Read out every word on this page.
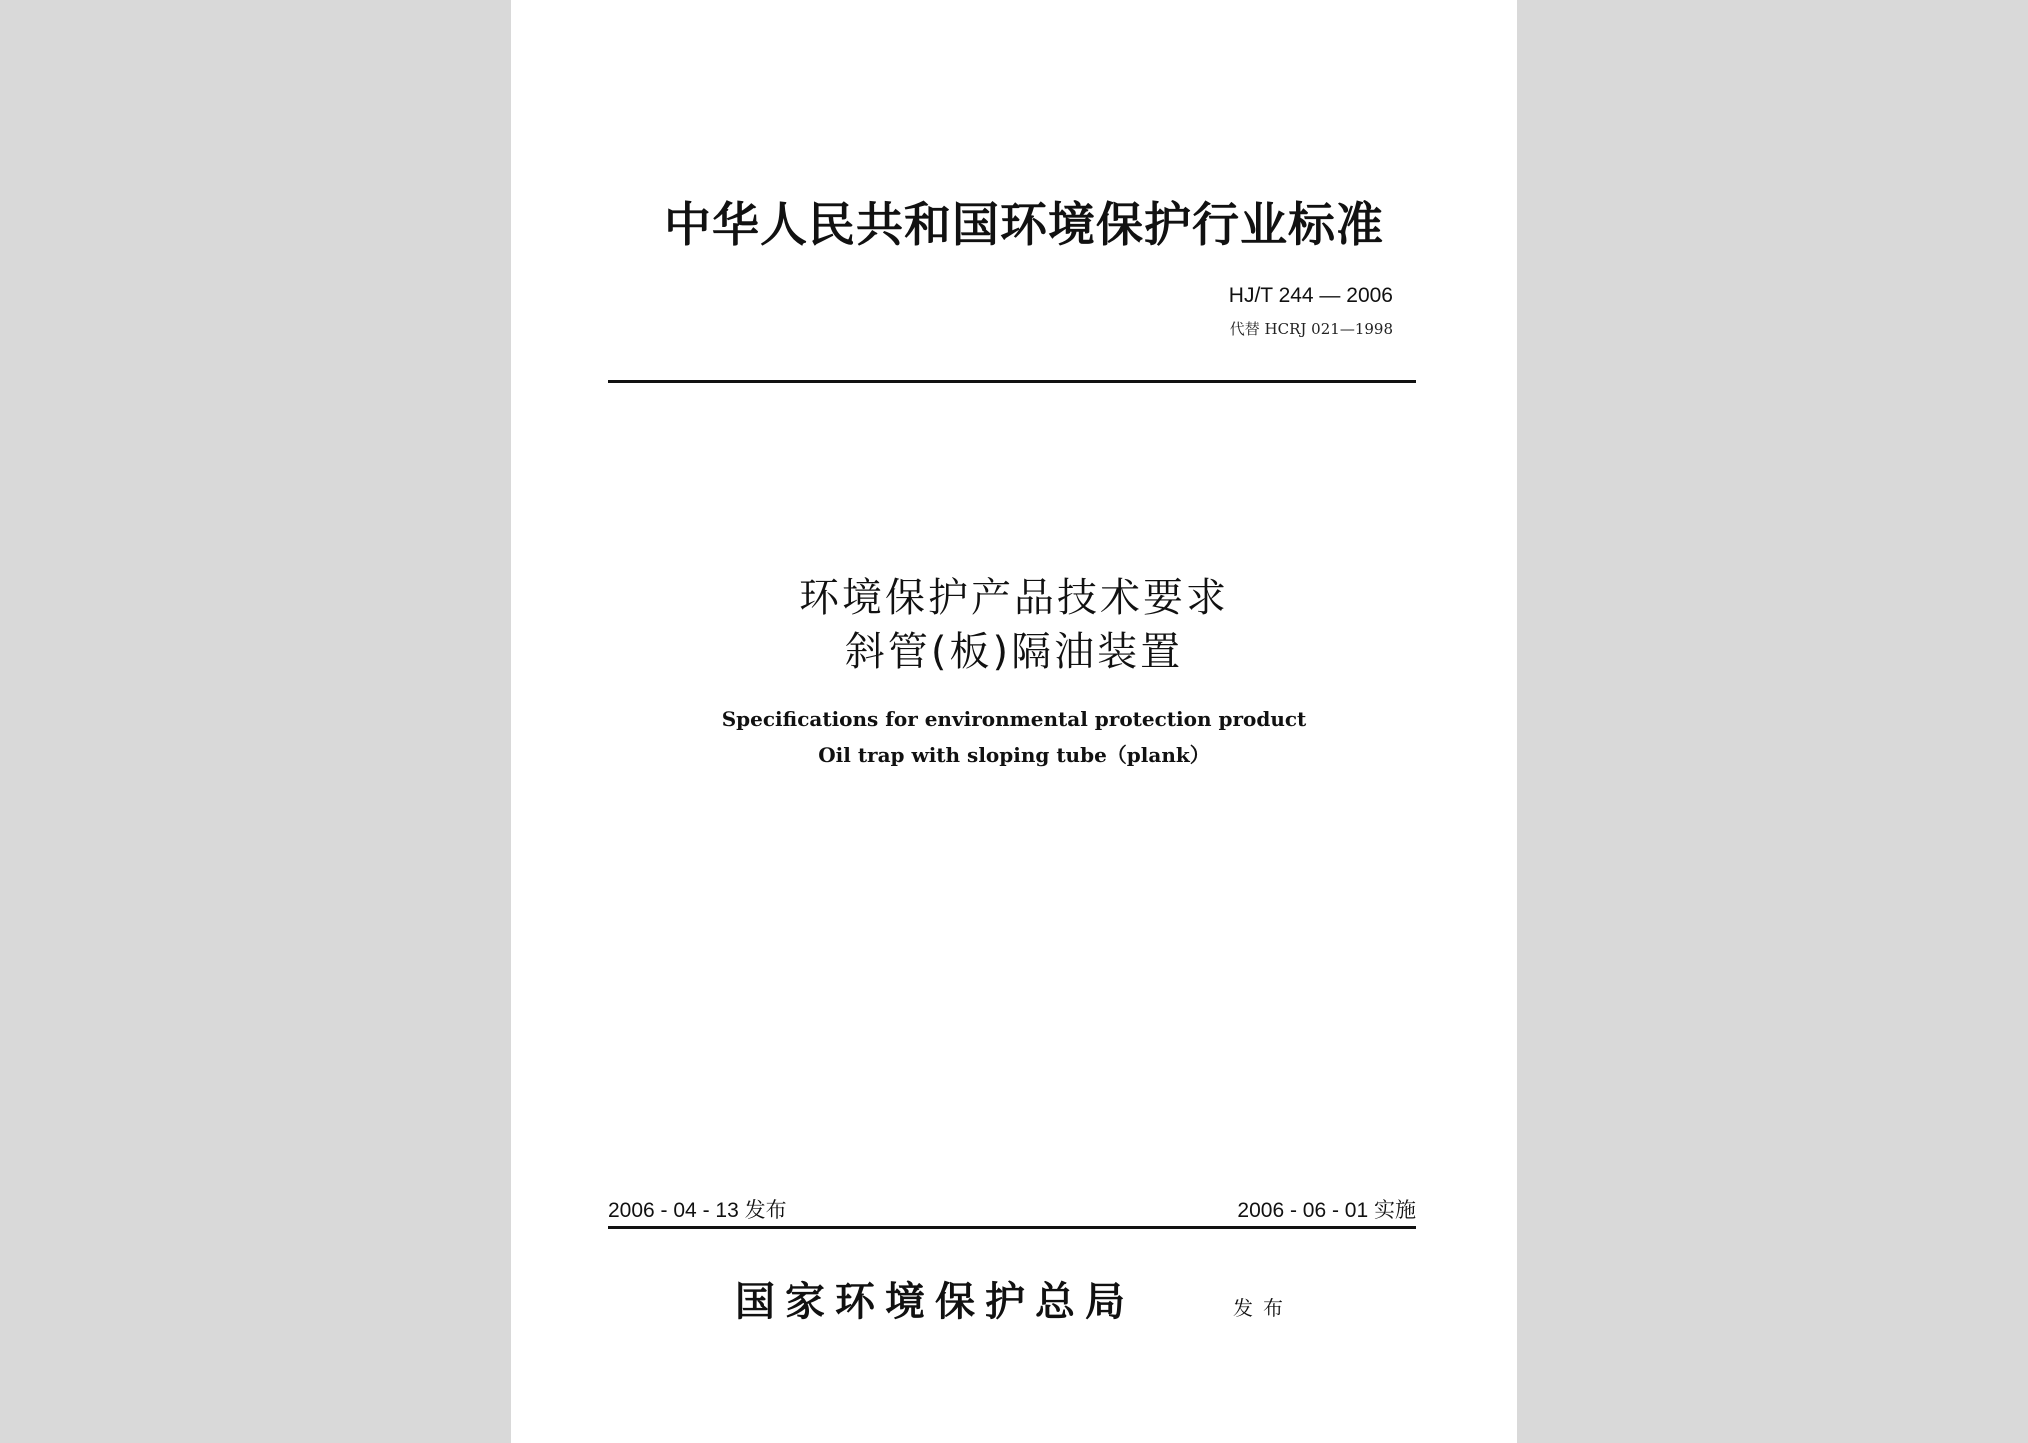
中华人民共和国环境保护行业标准
HJ/T 244 — 2006
代替 HCRJ 021—1998
环境保护产品技术要求
斜管(板)隔油装置
Specifications for environmental protection product
Oil trap with sloping tube（plank）
2006 - 04 - 13 发布	2006 - 06 - 01 实施
国家环境保护总局	发布
